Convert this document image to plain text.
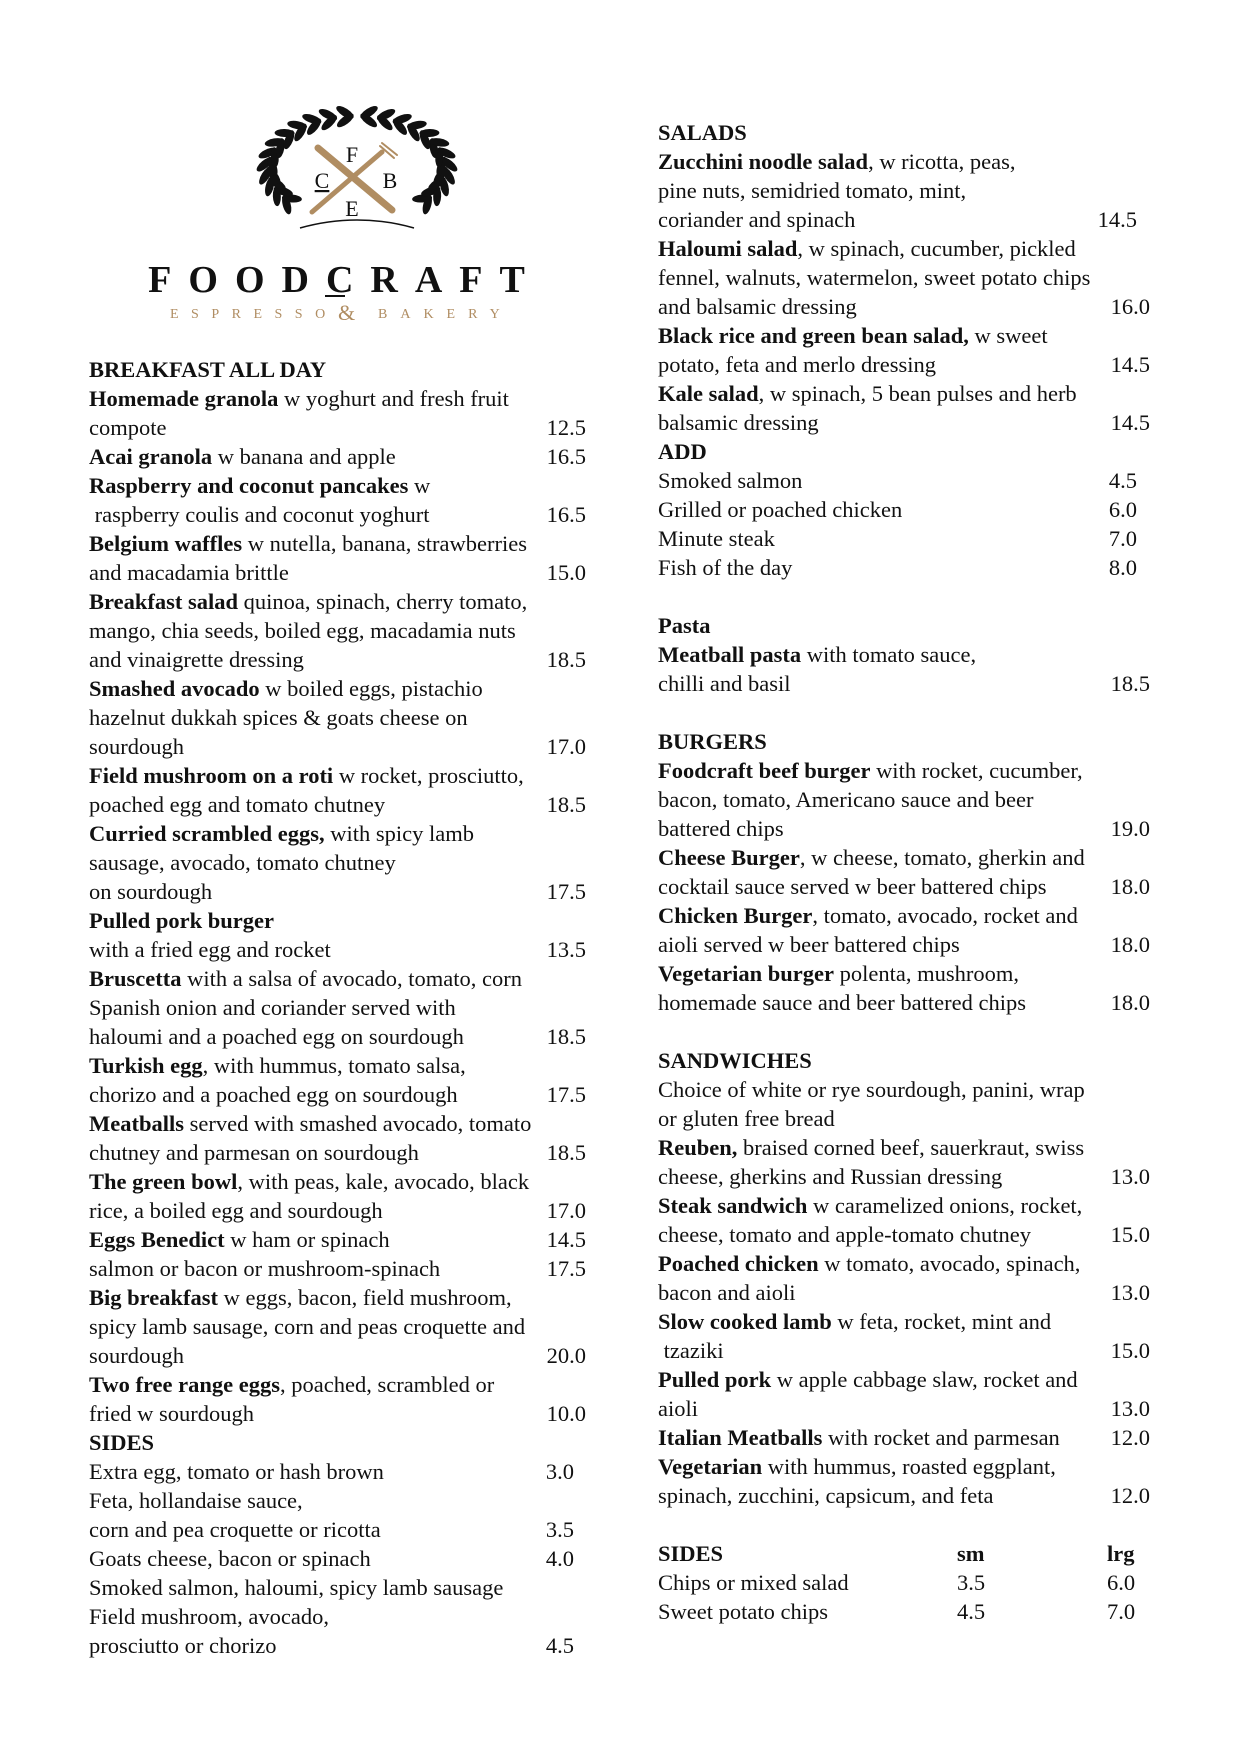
F
C B
E
FOODCRAFT
ESPRESSO & BAKERY
BREAKFAST ALL DAY
Homemade granola w yoghurt and fresh fruit
compote	12.5
Acai granola w banana and apple	16.5
Raspberry and coconut pancakes w
raspberry coulis and coconut yoghurt	16.5
Belgium waffles w nutella, banana, strawberries
and macadamia brittle	15.0
Breakfast salad quinoa, spinach, cherry tomato,
mango, chia seeds, boiled egg, macadamia nuts
and vinaigrette dressing	18.5
Smashed avocado w boiled eggs, pistachio
hazelnut dukkah spices & goats cheese on
sourdough	17.0
Field mushroom on a roti w rocket, prosciutto,
poached egg and tomato chutney	18.5
Curried scrambled eggs, with spicy lamb
sausage, avocado, tomato chutney
on sourdough	17.5
Pulled pork burger
with a fried egg and rocket	13.5
Bruscetta with a salsa of avocado, tomato, corn
Spanish onion and coriander served with
haloumi and a poached egg on sourdough	18.5
Turkish egg, with hummus, tomato salsa,
chorizo and a poached egg on sourdough	17.5
Meatballs served with smashed avocado, tomato
chutney and parmesan on sourdough	18.5
The green bowl, with peas, kale, avocado, black
rice, a boiled egg and sourdough	17.0
Eggs Benedict w ham or spinach	14.5
salmon or bacon or mushroom-spinach	17.5
Big breakfast w eggs, bacon, field mushroom,
spicy lamb sausage, corn and peas croquette and
sourdough	20.0
Two free range eggs, poached, scrambled or
fried w sourdough	10.0
SIDES
Extra egg, tomato or hash brown	3.0
Feta, hollandaise sauce,
corn and pea croquette or ricotta	3.5
Goats cheese, bacon or spinach	4.0
Smoked salmon, haloumi, spicy lamb sausage
Field mushroom, avocado,
prosciutto or chorizo	4.5
SALADS
Zucchini noodle salad, w ricotta, peas,
pine nuts, semidried tomato, mint,
coriander and spinach	14.5
Haloumi salad, w spinach, cucumber, pickled
fennel, walnuts, watermelon, sweet potato chips
and balsamic dressing	16.0
Black rice and green bean salad, w sweet
potato, feta and merlo dressing	14.5
Kale salad, w spinach, 5 bean pulses and herb
balsamic dressing	14.5
ADD
Smoked salmon	4.5
Grilled or poached chicken	6.0
Minute steak	7.0
Fish of the day	8.0
Pasta
Meatball pasta with tomato sauce,
chilli and basil	18.5
BURGERS
Foodcraft beef burger with rocket, cucumber,
bacon, tomato, Americano sauce and beer
battered chips	19.0
Cheese Burger, w cheese, tomato, gherkin and
cocktail sauce served w beer battered chips	18.0
Chicken Burger, tomato, avocado, rocket and
aioli served w beer battered chips	18.0
Vegetarian burger polenta, mushroom,
homemade sauce and beer battered chips	18.0
SANDWICHES
Choice of white or rye sourdough, panini, wrap
or gluten free bread
Reuben, braised corned beef, sauerkraut, swiss
cheese, gherkins and Russian dressing	13.0
Steak sandwich w caramelized onions, rocket,
cheese, tomato and apple-tomato chutney	15.0
Poached chicken w tomato, avocado, spinach,
bacon and aioli	13.0
Slow cooked lamb w feta, rocket, mint and
tzaziki	15.0
Pulled pork w apple cabbage slaw, rocket and
aioli	13.0
Italian Meatballs with rocket and parmesan 12.0
Vegetarian with hummus, roasted eggplant,
spinach, zucchini, capsicum, and feta	12.0
SIDES	sm	lrg
Chips or mixed salad	3.5	6.0
Sweet potato chips	4.5	7.0
